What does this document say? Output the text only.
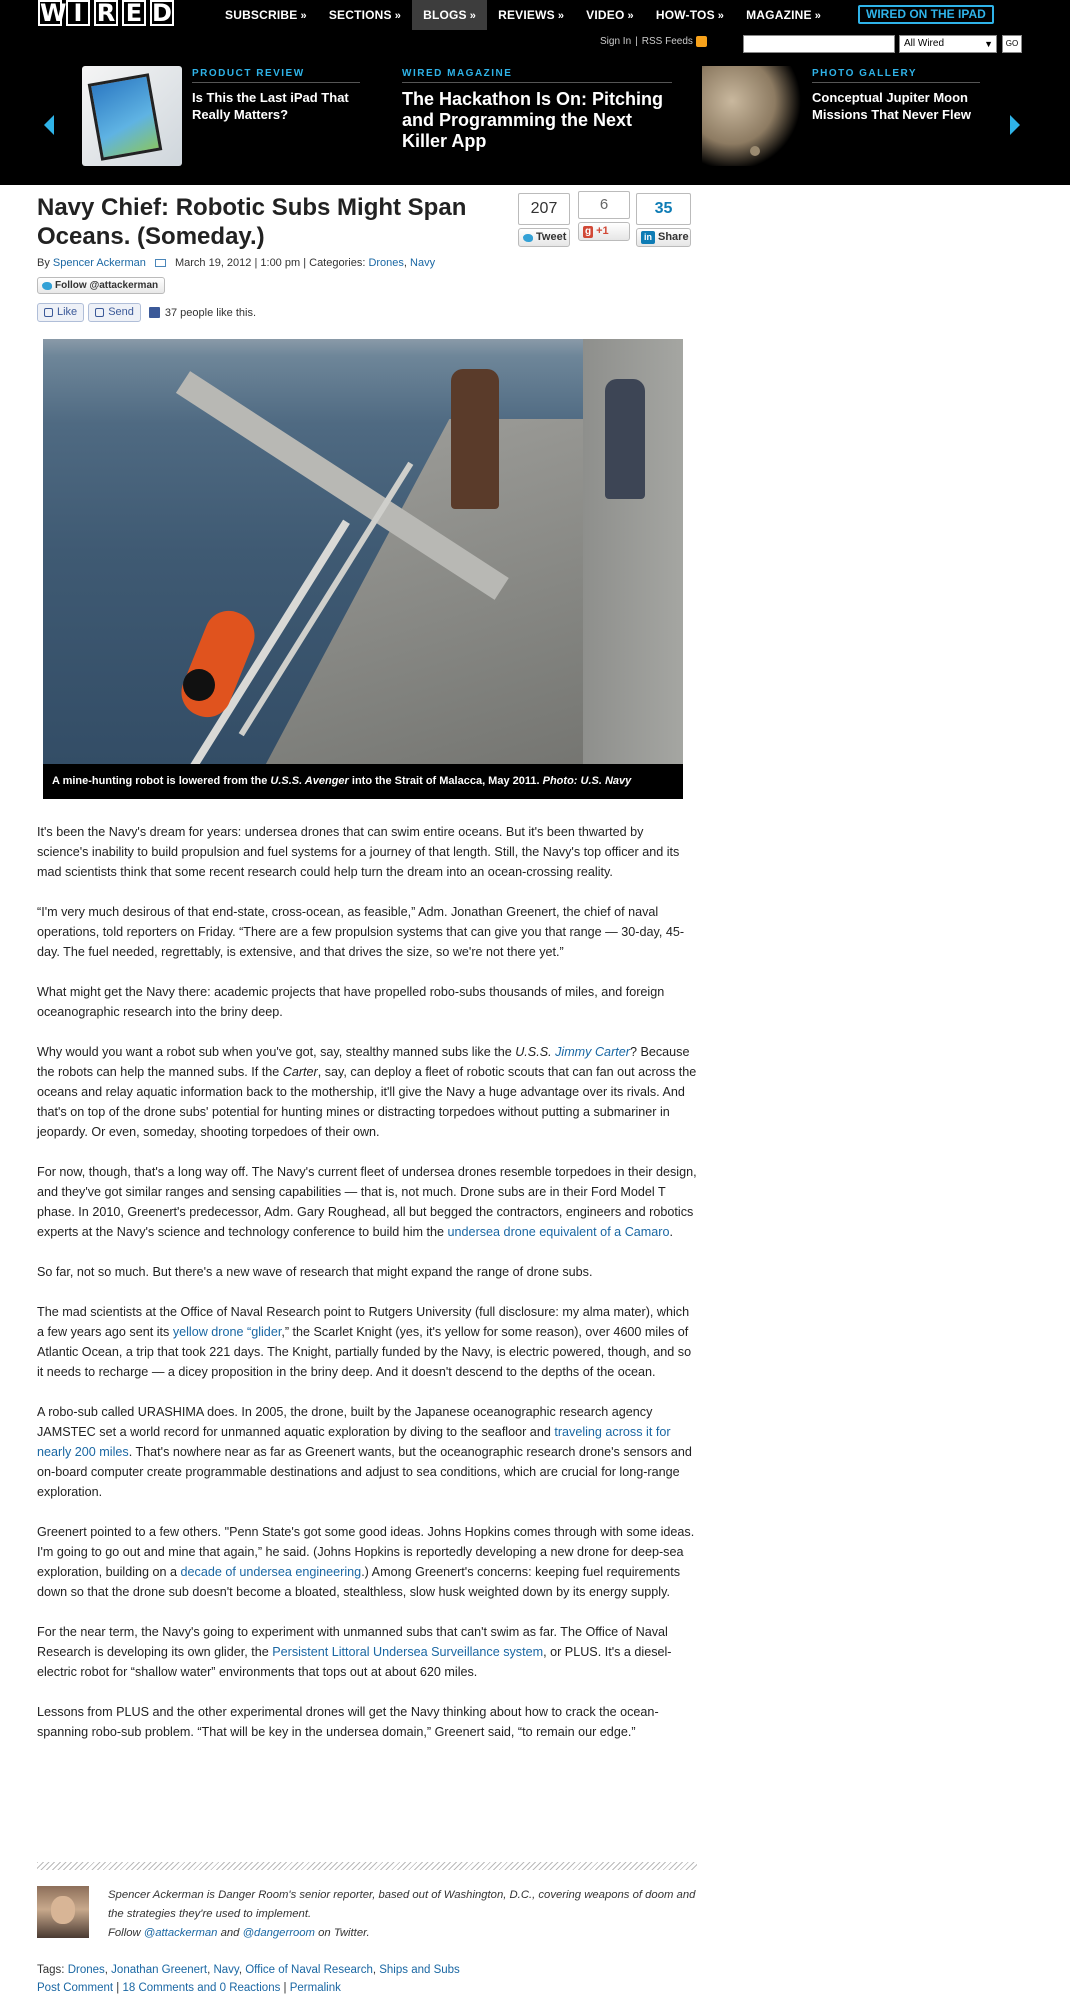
W I R E D	SUBSCRIBE »	SECTIONS »	BLOGS »	REVIEWS »	VIDEO »	HOW-TOS »	MAGAZINE »	WIRED ON THE IPAD
Sign In | RSS Feeds	All Wired	▼	GO
PRODUCT REVIEW
Is This the Last iPad That Really Matters?
WIRED MAGAZINE
The Hackathon Is On: Pitching and Programming the Next Killer App
PHOTO GALLERY
Conceptual Jupiter Moon Missions That Never Flew
Navy Chief: Robotic Subs Might Span Oceans. (Someday.)
By Spencer Ackerman	March 19, 2012 | 1:00 pm | Categories: Drones, Navy
Follow @attackerman
Like	Send	37 people like this.
207
Tweet
6
g +1
35
in Share
A mine-hunting robot is lowered from the U.S.S. Avenger into the Strait of Malacca, May 2011. Photo: U.S. Navy

It's been the Navy's dream for years: undersea drones that can swim entire oceans. But it's been thwarted by science's inability to build propulsion and fuel systems for a journey of that length. Still, the Navy's top officer and its mad scientists think that some recent research could help turn the dream into an ocean-crossing reality.

“I'm very much desirous of that end-state, cross-ocean, as feasible,” Adm. Jonathan Greenert, the chief of naval operations, told reporters on Friday. “There are a few propulsion systems that can give you that range — 30-day, 45-day. The fuel needed, regrettably, is extensive, and that drives the size, so we're not there yet.”

What might get the Navy there: academic projects that have propelled robo-subs thousands of miles, and foreign oceanographic research into the briny deep.

Why would you want a robot sub when you've got, say, stealthy manned subs like the U.S.S. Jimmy Carter? Because the robots can help the manned subs. If the Carter, say, can deploy a fleet of robotic scouts that can fan out across the oceans and relay aquatic information back to the mothership, it'll give the Navy a huge advantage over its rivals. And that's on top of the drone subs' potential for hunting mines or distracting torpedoes without putting a submariner in jeopardy. Or even, someday, shooting torpedoes of their own.

For now, though, that's a long way off. The Navy's current fleet of undersea drones resemble torpedoes in their design, and they've got similar ranges and sensing capabilities — that is, not much. Drone subs are in their Ford Model T phase. In 2010, Greenert's predecessor, Adm. Gary Roughead, all but begged the contractors, engineers and robotics experts at the Navy's science and technology conference to build him the undersea drone equivalent of a Camaro.

So far, not so much. But there's a new wave of research that might expand the range of drone subs.

The mad scientists at the Office of Naval Research point to Rutgers University (full disclosure: my alma mater), which a few years ago sent its yellow drone “glider,” the Scarlet Knight (yes, it's yellow for some reason), over 4600 miles of Atlantic Ocean, a trip that took 221 days. The Knight, partially funded by the Navy, is electric powered, though, and so it needs to recharge — a dicey proposition in the briny deep. And it doesn't descend to the depths of the ocean.

A robo-sub called URASHIMA does. In 2005, the drone, built by the Japanese oceanographic research agency JAMSTEC set a world record for unmanned aquatic exploration by diving to the seafloor and traveling across it for nearly 200 miles. That's nowhere near as far as Greenert wants, but the oceanographic research drone's sensors and on-board computer create programmable destinations and adjust to sea conditions, which are crucial for long-range exploration.

Greenert pointed to a few others. "Penn State's got some good ideas. Johns Hopkins comes through with some ideas. I'm going to go out and mine that again,” he said. (Johns Hopkins is reportedly developing a new drone for deep-sea exploration, building on a decade of undersea engineering.) Among Greenert's concerns: keeping fuel requirements down so that the drone sub doesn't become a bloated, stealthless, slow husk weighted down by its energy supply.

For the near term, the Navy's going to experiment with unmanned subs that can't swim as far. The Office of Naval Research is developing its own glider, the Persistent Littoral Undersea Surveillance system, or PLUS. It's a diesel-electric robot for “shallow water” environments that tops out at about 620 miles.

Lessons from PLUS and the other experimental drones will get the Navy thinking about how to crack the ocean-spanning robo-sub problem. “That will be key in the undersea domain,” Greenert said, “to remain our edge.”

Spencer Ackerman is Danger Room's senior reporter, based out of Washington, D.C., covering weapons of doom and the strategies they're used to implement.
Follow @attackerman and @dangerroom on Twitter.
Tags: Drones, Jonathan Greenert, Navy, Office of Naval Research, Ships and Subs
Post Comment | 18 Comments and 0 Reactions | Permalink
